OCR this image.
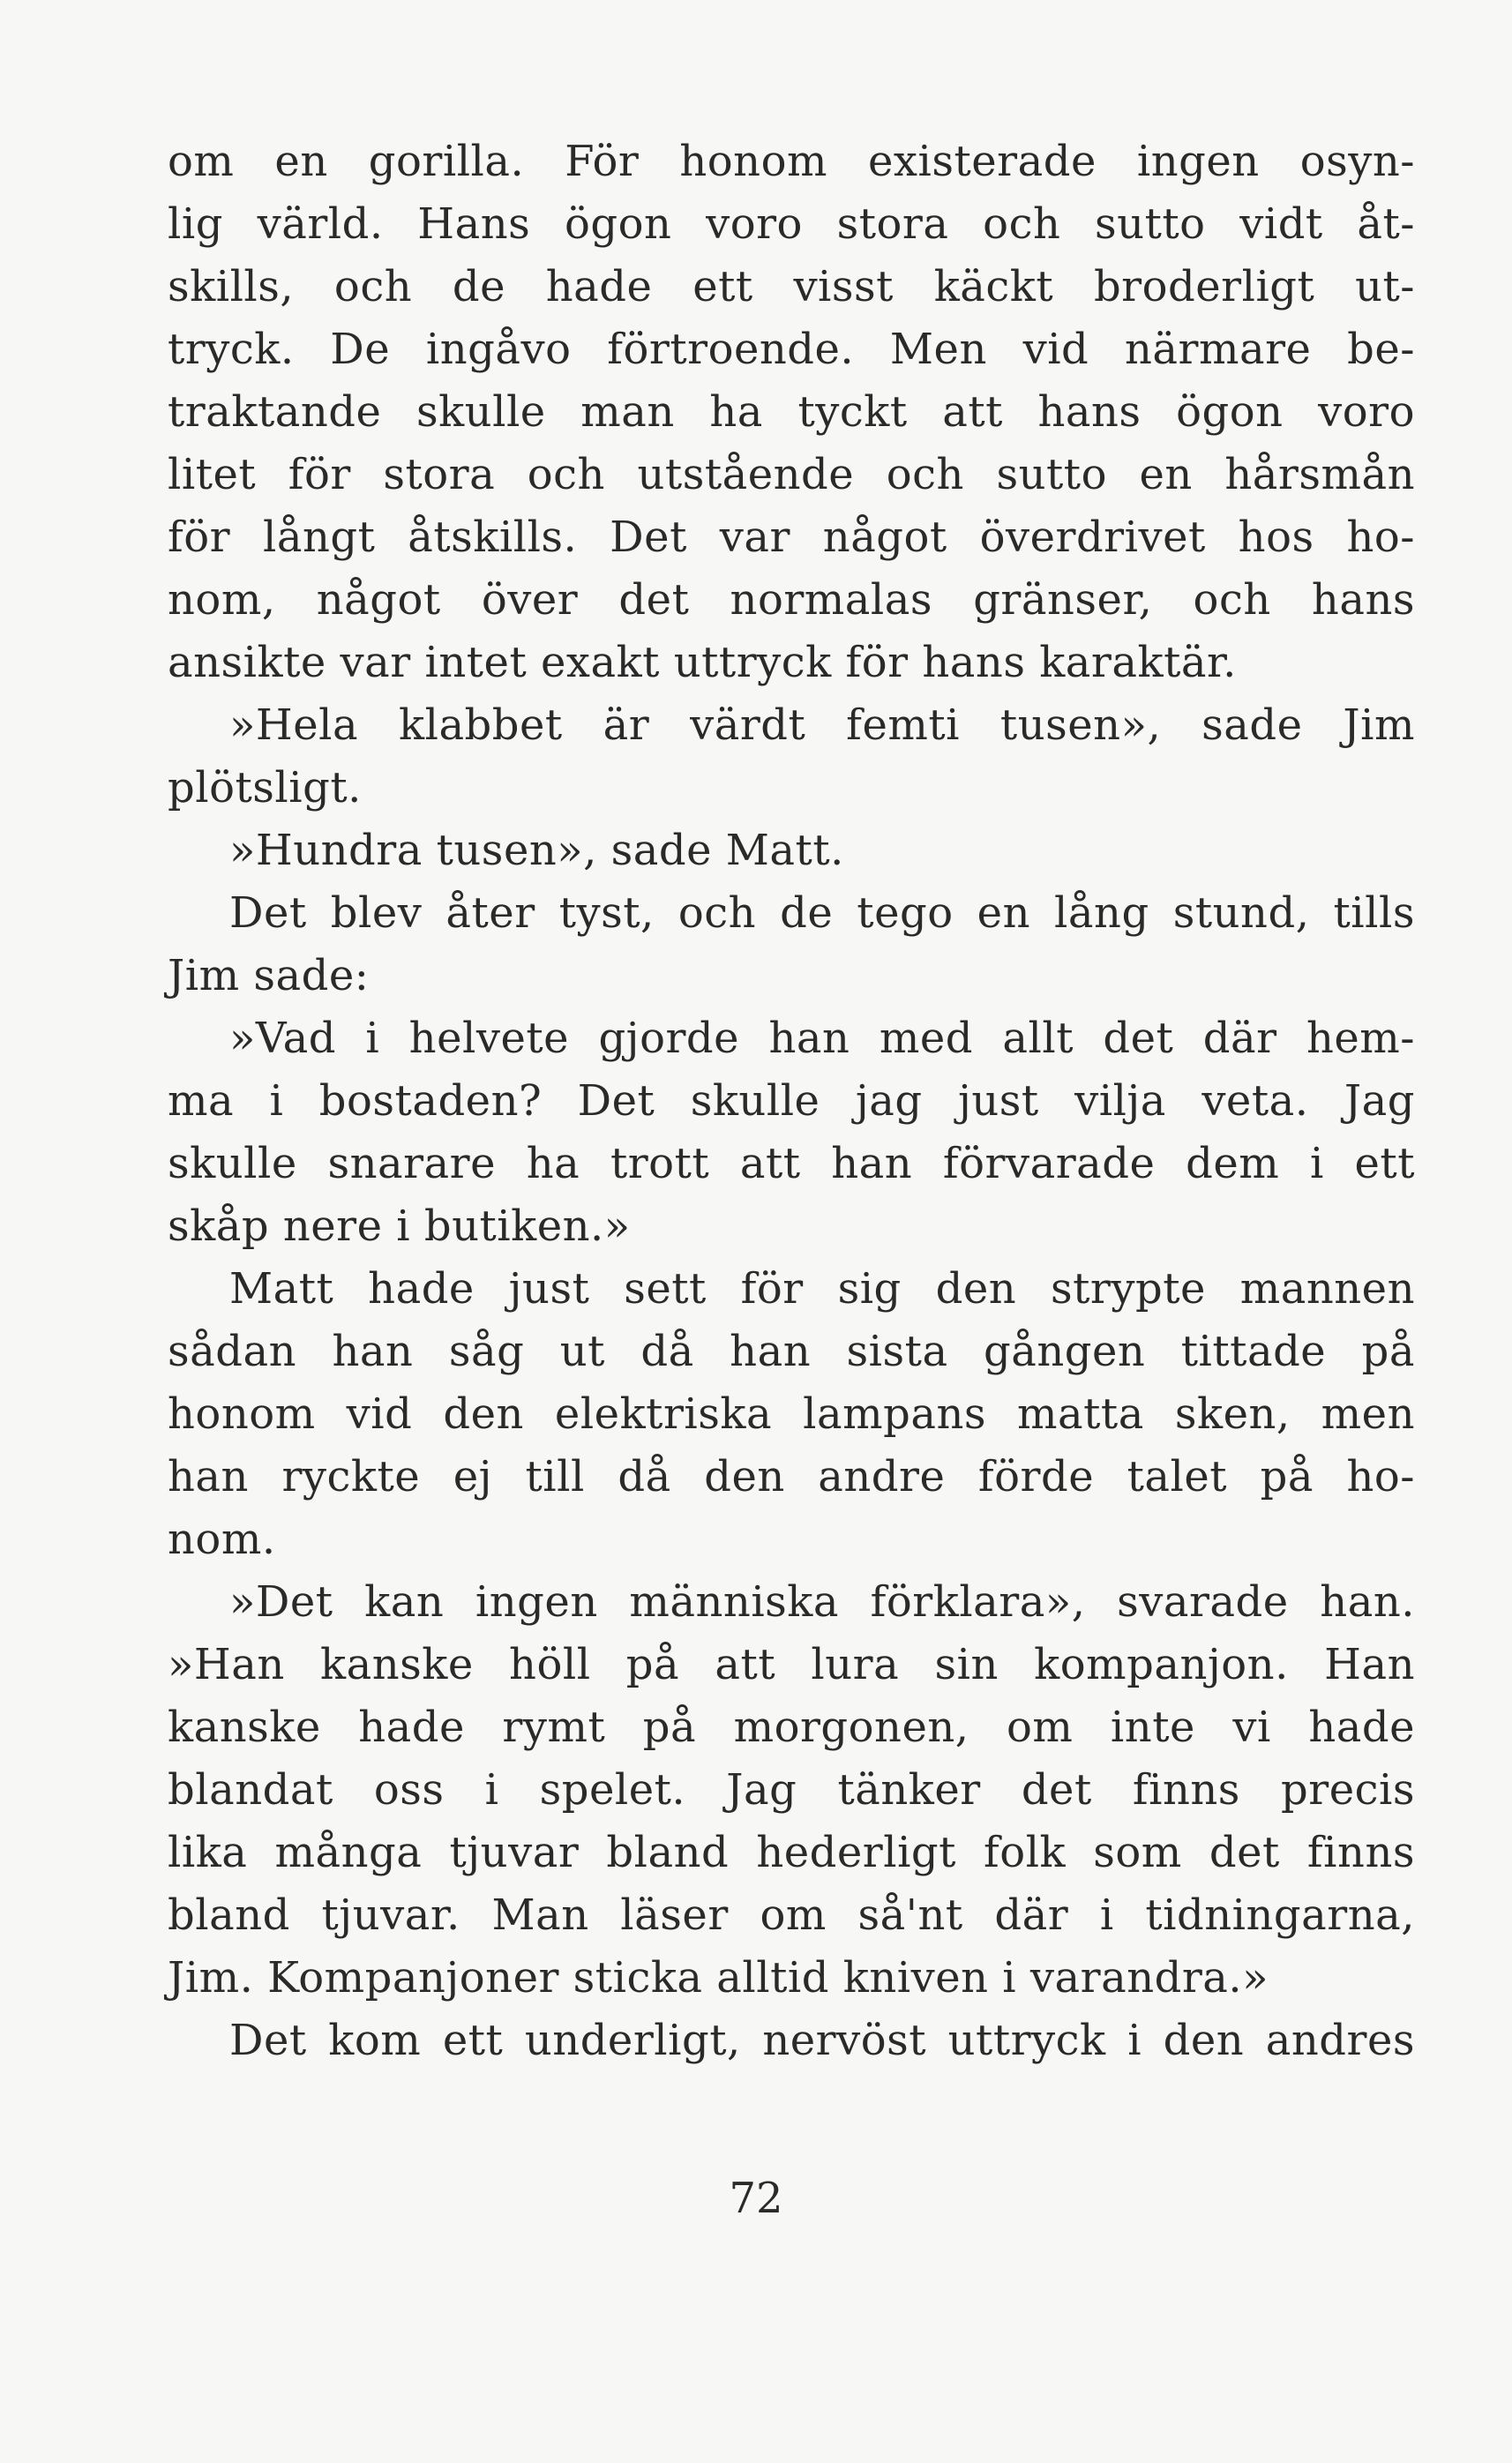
om en gorilla. För honom existerade ingen osyn-
lig värld. Hans ögon voro stora och sutto vidt åt-
skills, och de hade ett visst käckt broderligt ut-
tryck. De ingåvo förtroende. Men vid närmare be-
traktande skulle man ha tyckt att hans ögon voro
litet för stora och utstående och sutto en hårsmån
för långt åtskills. Det var något överdrivet hos ho-
nom, något över det normalas gränser, och hans
ansikte var intet exakt uttryck för hans karaktär.
»Hela klabbet är värdt femti tusen», sade Jim
plötsligt.
»Hundra tusen», sade Matt.
Det blev åter tyst, och de tego en lång stund, tills
Jim sade:
»Vad i helvete gjorde han med allt det där hem-
ma i bostaden? Det skulle jag just vilja veta. Jag
skulle snarare ha trott att han förvarade dem i ett
skåp nere i butiken.»
Matt hade just sett för sig den strypte mannen
sådan han såg ut då han sista gången tittade på
honom vid den elektriska lampans matta sken, men
han ryckte ej till då den andre förde talet på ho-
nom.
»Det kan ingen människa förklara», svarade han.
»Han kanske höll på att lura sin kompanjon. Han
kanske hade rymt på morgonen, om inte vi hade
blandat oss i spelet. Jag tänker det finns precis
lika många tjuvar bland hederligt folk som det finns
bland tjuvar. Man läser om så'nt där i tidningarna,
Jim. Kompanjoner sticka alltid kniven i varandra.»
Det kom ett underligt, nervöst uttryck i den andres
72
